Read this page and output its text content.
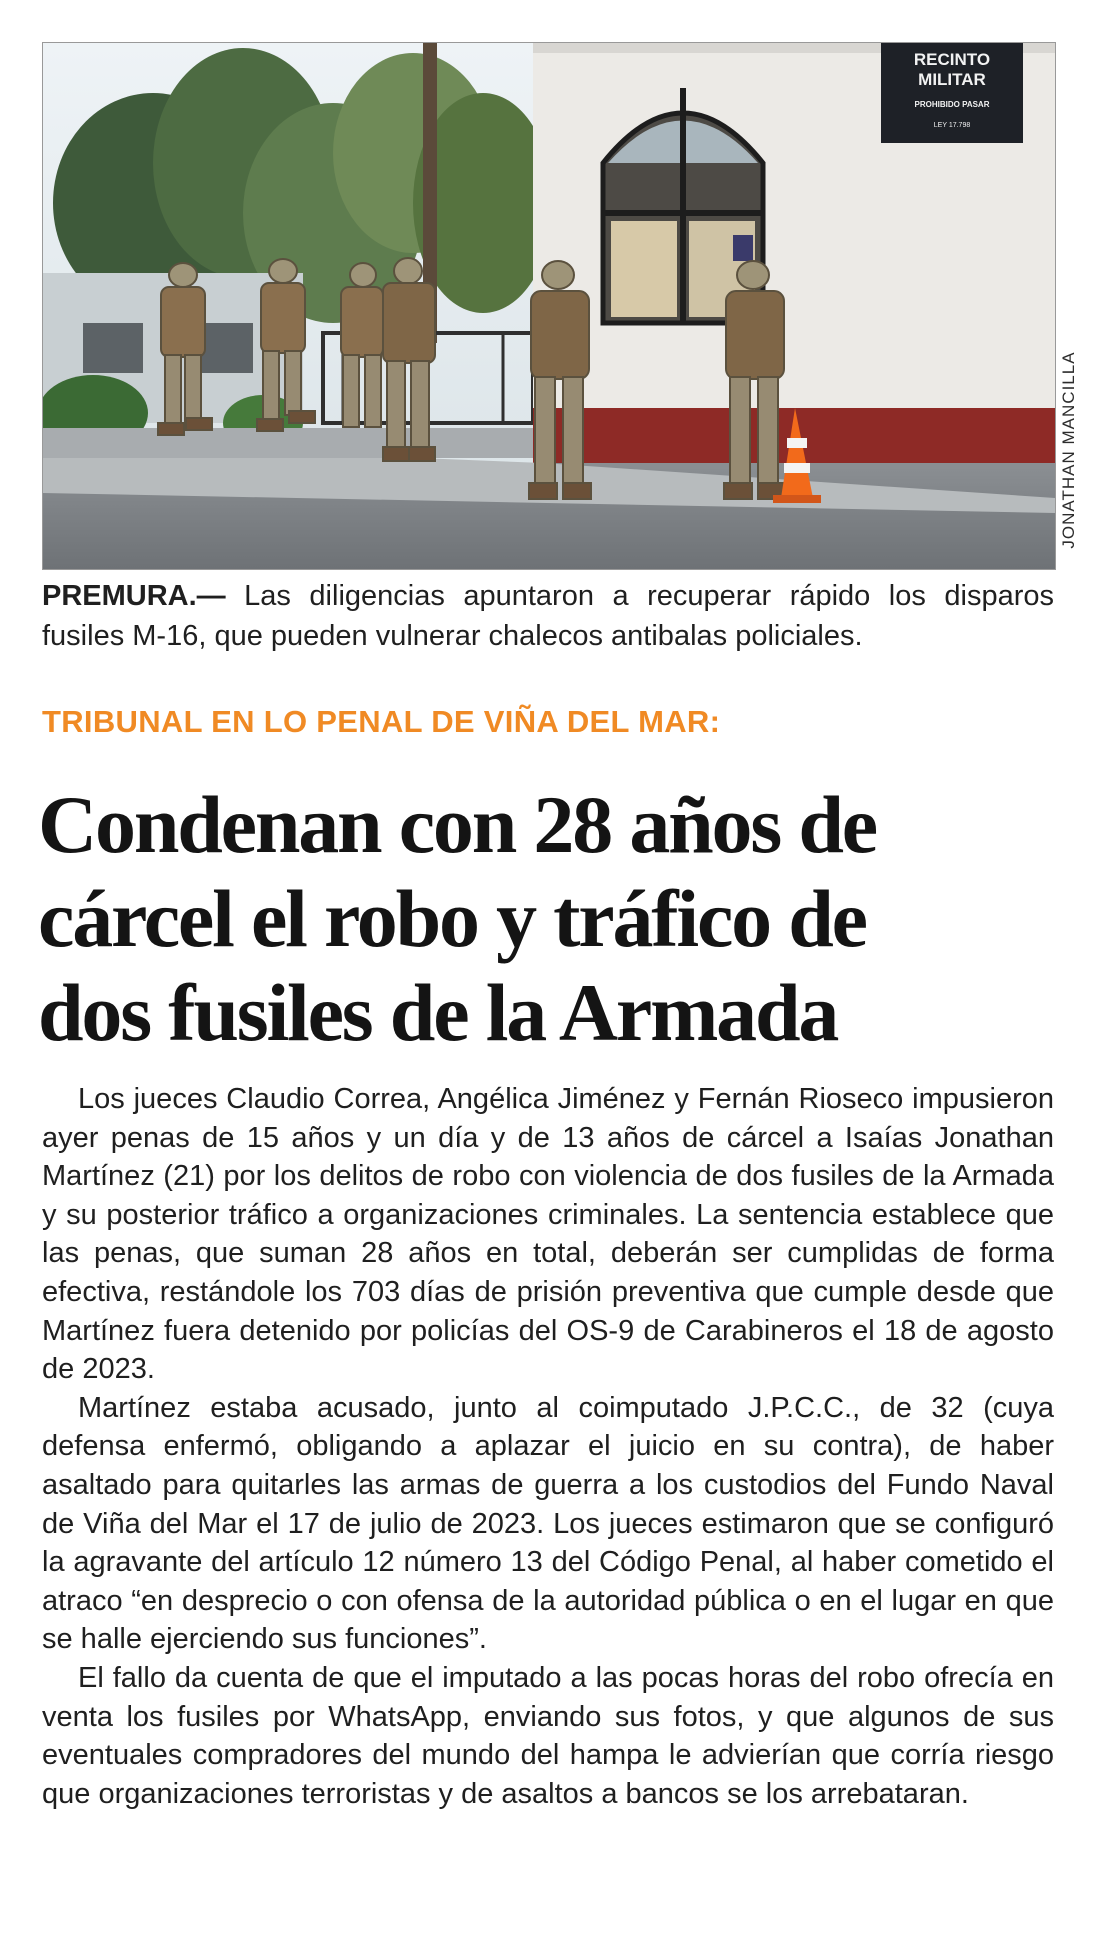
RECINTO
MILITAR
PROHIBIDO PASAR
LEY 17.798
JONATHAN MANCILLA
PREMURA.— Las diligencias apuntaron a recuperar rápido los disparos fusiles M-16, que pueden vulnerar chalecos antibalas policiales.
TRIBUNAL EN LO PENAL DE VIÑA DEL MAR:
Condenan con 28 años de
cárcel el robo y tráfico de
dos fusiles de la Armada

Los jueces Claudio Correa, Angélica Jiménez y Fernán Rioseco impusieron ayer penas de 15 años y un día y de 13 años de cárcel a Isaías Jonathan Martínez (21) por los delitos de robo con violencia de dos fusiles de la Armada y su posterior tráfico a organizaciones criminales. La sentencia establece que las penas, que suman 28 años en total, deberán ser cumplidas de forma efectiva, restándole los 703 días de prisión preventiva que cumple desde que Martínez fuera detenido por policías del OS-9 de Carabineros el 18 de agosto de 2023.

Martínez estaba acusado, junto al coimputado J.P.C.C., de 32 (cuya defensa enfermó, obligando a aplazar el juicio en su contra), de haber asaltado para quitarles las armas de guerra a los custodios del Fundo Naval de Viña del Mar el 17 de julio de 2023. Los jueces estimaron que se configuró la agravante del artículo 12 número 13 del Código Penal, al haber cometido el atraco “en desprecio o con ofensa de la autoridad pública o en el lugar en que se halle ejerciendo sus funciones”.

El fallo da cuenta de que el imputado a las pocas horas del robo ofrecía en venta los fusiles por WhatsApp, enviando sus fotos, y que algunos de sus eventuales compradores del mundo del hampa le advierían que corría riesgo que organizaciones terroristas y de asaltos a bancos se los arrebataran.
